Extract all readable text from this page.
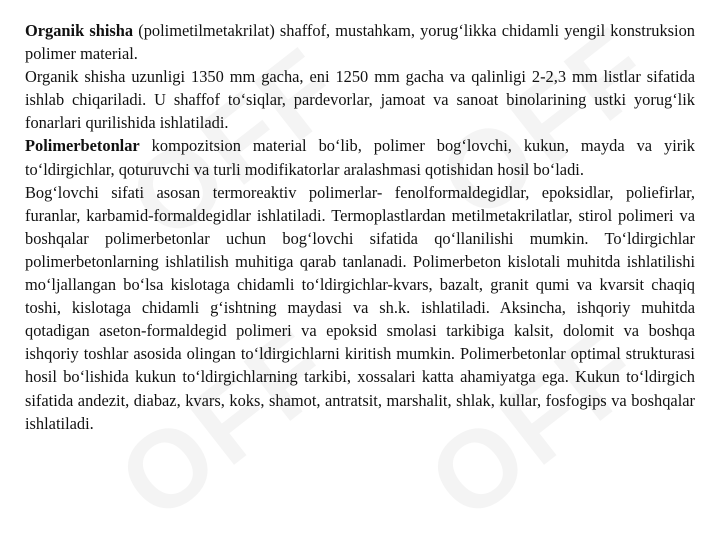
Organik shisha (polimetilmetakrilat) shaffof, mustahkam, yorug‘likka chidamli yengil konstruksion polimer material.

Organik shisha uzunligi 1350 mm gacha, eni 1250 mm gacha va qalinligi 2-2,3 mm listlar sifatida ishlab chiqariladi. U shaffof to‘siqlar, pardevorlar, jamoat va sanoat binolarining ustki yorug‘lik fonarlari qurilishida ishlatiladi.

Polimerbetonlar kompozitsion material bo‘lib, polimer bog‘lovchi, kukun, mayda va yirik to‘ldirgichlar, qoturuvchi va turli modifikatorlar aralashmasi qotishidan hosil bo‘ladi.

Bog‘lovchi sifati asosan termoreaktiv polimerlar- fenolformaldegidlar, epoksidlar, poliefirlar, furanlar, karbamid-formaldegidlar ishlatiladi. Termoplastlardan metilmetakrilatlar, stirol polimeri va boshqalar polimerbetonlar uchun bog‘lovchi sifatida qo‘llanilishi mumkin. To‘ldirgichlar polimerbetonlarning ishlatilish muhitiga qarab tanlanadi. Polimerbeton kislotali muhitda ishlatilishi mo‘ljallangan bo‘lsa kislotaga chidamli to‘ldirgichlar-kvars, bazalt, granit qumi va kvarsit chaqiq toshi, kislotaga chidamli g‘ishtning maydasi va sh.k. ishlatiladi. Aksincha, ishqoriy muhitda qotadigan aseton-formaldegid polimeri va epoksid smolasi tarkibiga kalsit, dolomit va boshqa ishqoriy toshlar asosida olingan to‘ldirgichlarni kiritish mumkin. Polimerbetonlar optimal strukturasi hosil bo‘lishida kukun to‘ldirgichlarning tarkibi, xossalari katta ahamiyatga ega. Kukun to‘ldirgich sifatida andezit, diabaz, kvars, koks, shamot, antratsit, marshalit, shlak, kullar, fosfogips va boshqalar ishlatiladi.
